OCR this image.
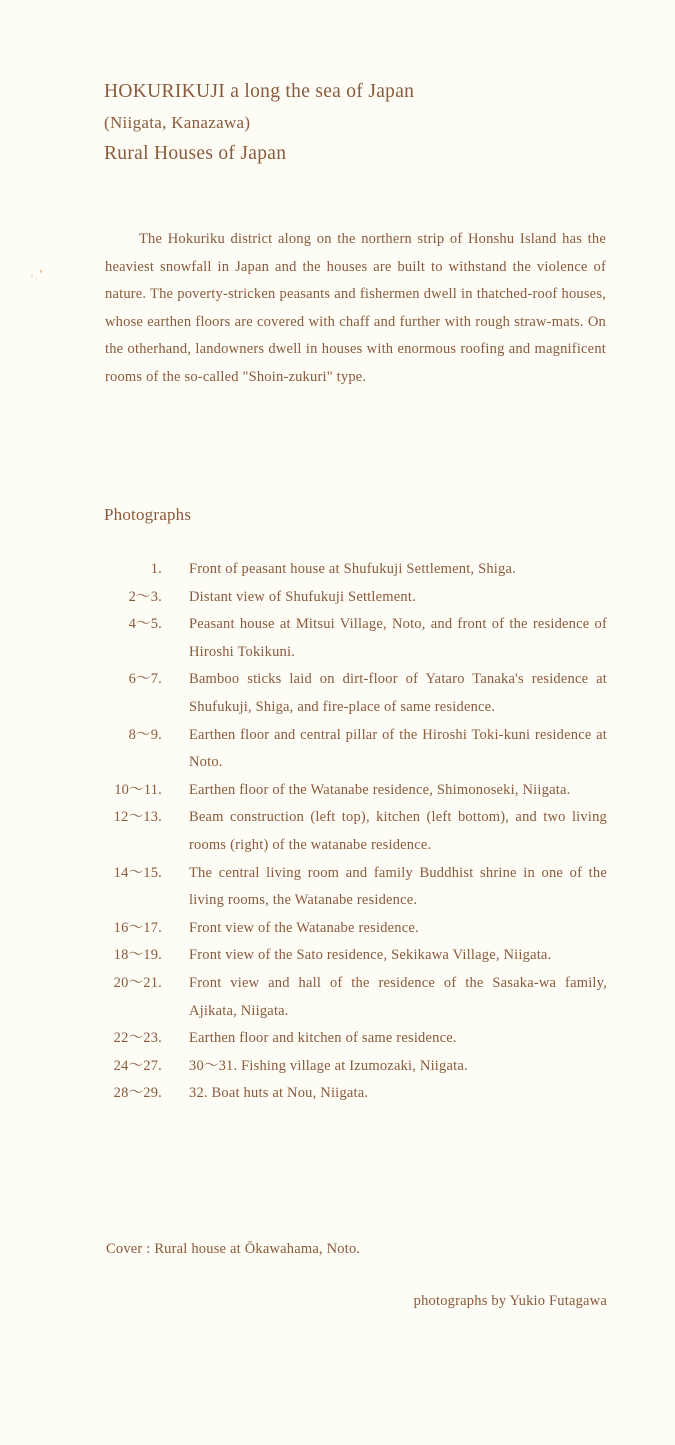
HOKURIKUJI a long the sea of Japan
(Niigata, Kanazawa)
Rural Houses of Japan

The Hokuriku district along on the northern strip of Honshu Island has the heaviest snowfall in Japan and the houses are built to withstand the violence of nature. The poverty-stricken peasants and fishermen dwell in thatched-roof houses, whose earthen floors are covered with chaff and further with rough straw-mats. On the otherhand, landowners dwell in houses with enormous roofing and magnificent rooms of the so-called "Shoin-zukuri" type.

Photographs
1. Front of peasant house at Shufukuji Settlement, Shiga.
2～3. Distant view of Shufukuji Settlement.
4～5. Peasant house at Mitsui Village, Noto, and front of the residence of Hiroshi Tokikuni.
6～7. Bamboo sticks laid on dirt-floor of Yataro Tanaka's residence at Shufukuji, Shiga, and fire-place of same residence.
8～9. Earthen floor and central pillar of the Hiroshi Toki-kuni residence at Noto.
10～11. Earthen floor of the Watanabe residence, Shimonoseki, Niigata.
12～13. Beam construction (left top), kitchen (left bottom), and two living rooms (right) of the watanabe residence.
14～15. The central living room and family Buddhist shrine in one of the living rooms, the Watanabe residence.
16～17. Front view of the Watanabe residence.
18～19. Front view of the Sato residence, Sekikawa Village, Niigata.
20～21. Front view and hall of the residence of the Sasaka-wa family, Ajikata, Niigata.
22～23. Earthen floor and kitchen of same residence.
24～27. 30～31. Fishing village at Izumozaki, Niigata.
28～29. 32. Boat huts at Nou, Niigata.
Cover : Rural house at Ōkawahama, Noto.
photographs by Yukio Futagawa
